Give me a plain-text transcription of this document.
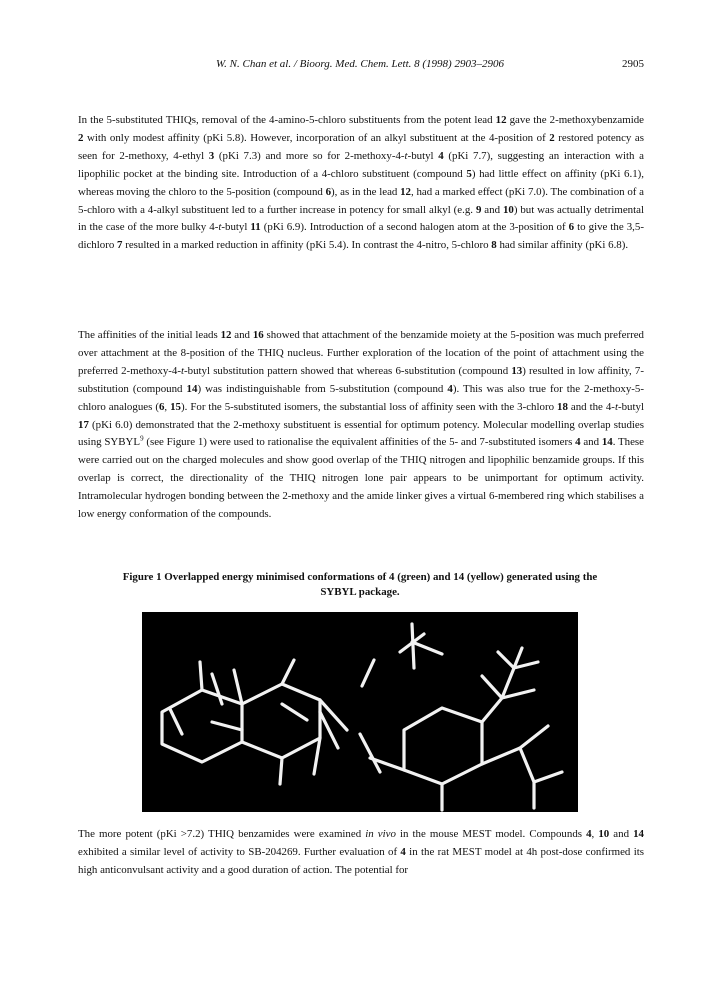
W. N. Chan et al. / Bioorg. Med. Chem. Lett. 8 (1998) 2903–2906	2905

In the 5-substituted THIQs, removal of the 4-amino-5-chloro substituents from the potent lead 12 gave the 2-methoxybenzamide 2 with only modest affinity (pKi 5.8). However, incorporation of an alkyl substituent at the 4-position of 2 restored potency as seen for 2-methoxy, 4-ethyl 3 (pKi 7.3) and more so for 2-methoxy-4-t-butyl 4 (pKi 7.7), suggesting an interaction with a lipophilic pocket at the binding site. Introduction of a 4-chloro substituent (compound 5) had little effect on affinity (pKi 6.1), whereas moving the chloro to the 5-position (compound 6), as in the lead 12, had a marked effect (pKi 7.0). The combination of a 5-chloro with a 4-alkyl substituent led to a further increase in potency for small alkyl (e.g. 9 and 10) but was actually detrimental in the case of the more bulky 4-t-butyl 11 (pKi 6.9). Introduction of a second halogen atom at the 3-position of 6 to give the 3,5-dichloro 7 resulted in a marked reduction in affinity (pKi 5.4). In contrast the 4-nitro, 5-chloro 8 had similar affinity (pKi 6.8).

The affinities of the initial leads 12 and 16 showed that attachment of the benzamide moiety at the 5-position was much preferred over attachment at the 8-position of the THIQ nucleus. Further exploration of the location of the point of attachment using the preferred 2-methoxy-4-t-butyl substitution pattern showed that whereas 6-substitution (compound 13) resulted in low affinity, 7-substitution (compound 14) was indistinguishable from 5-substitution (compound 4). This was also true for the 2-methoxy-5-chloro analogues (6, 15). For the 5-substituted isomers, the substantial loss of affinity seen with the 3-chloro 18 and the 4-t-butyl 17 (pKi 6.0) demonstrated that the 2-methoxy substituent is essential for optimum potency. Molecular modelling overlap studies using SYBYL$^9$ (see Figure 1) were used to rationalise the equivalent affinities of the 5- and 7-substituted isomers 4 and 14. These were carried out on the charged molecules and show good overlap of the THIQ nitrogen and lipophilic benzamide groups. If this overlap is correct, the directionality of the THIQ nitrogen lone pair appears to be unimportant for optimum activity. Intramolecular hydrogen bonding between the 2-methoxy and the amide linker gives a virtual 6-membered ring which stabilises a low energy conformation of the compounds.

Figure 1 Overlapped energy minimised conformations of 4 (green) and 14 (yellow) generated using the SYBYL package.

The more potent (pKi >7.2) THIQ benzamides were examined in vivo in the mouse MEST model. Compounds 4, 10 and 14 exhibited a similar level of activity to SB-204269. Further evaluation of 4 in the rat MEST model at 4h post-dose confirmed its high anticonvulsant activity and a good duration of action. The potential for
